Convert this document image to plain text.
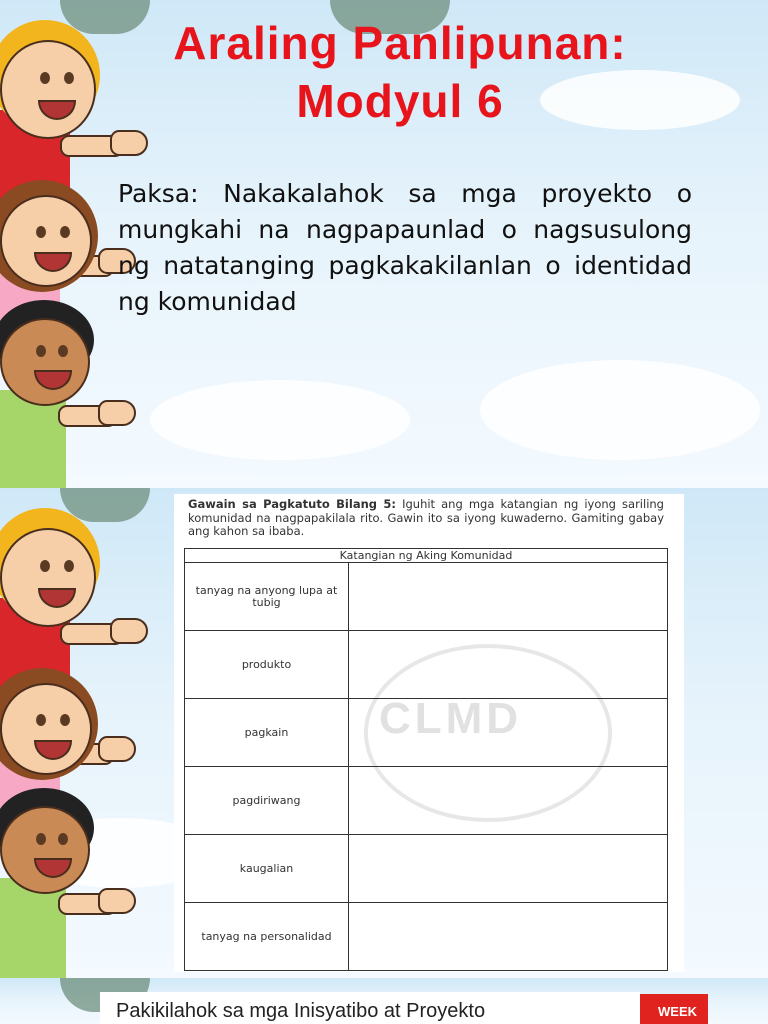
Araling Panlipunan:
Modyul 6
Paksa: Nakakalahok sa mga proyekto o mungkahi na nagpapaunlad o nagsusulong ng natatanging pagkakakilanlan o identidad ng komunidad
Gawain sa Pagkatuto Bilang 5: Iguhit ang mga katangian ng iyong sariling komunidad na nagpapakilala rito. Gawin ito sa iyong kuwaderno. Gamiting gabay ang kahon sa ibaba.
CLMD
Katangian ng Aking Komunidad	
tanyag na anyong lupa at tubig	
produkto	
pagkain	
pagdiriwang	
kaugalian	
tanyag na personalidad	
Pakikilahok sa mga Inisyatibo at Proyekto	WEEK
